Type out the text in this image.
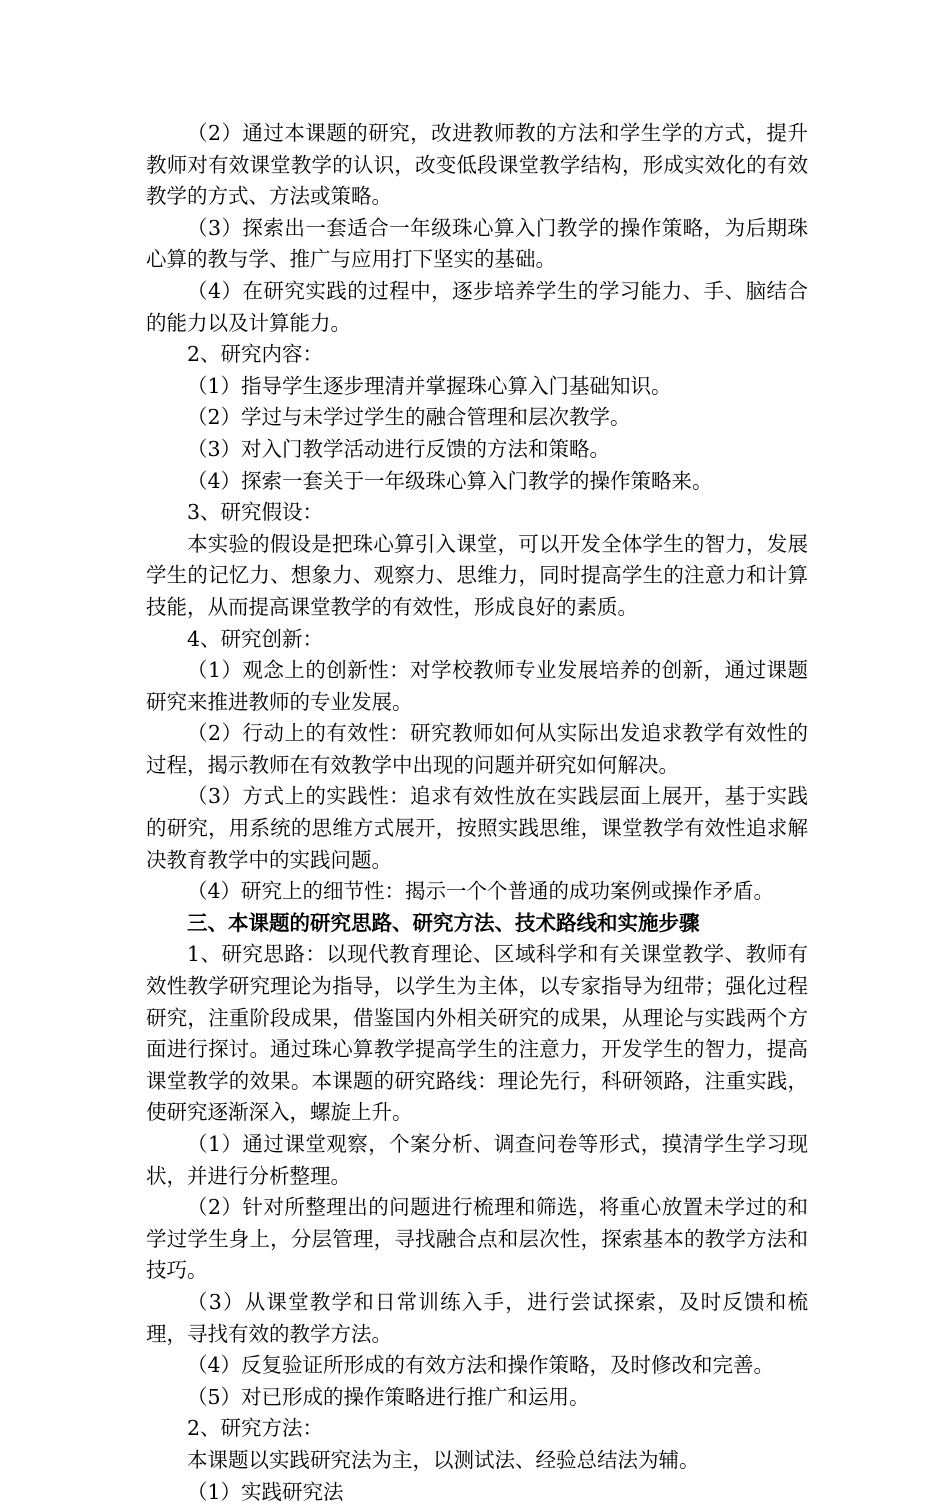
（2）通过本课题的研究，改进教师教的方法和学生学的方式，提升教师对有效课堂教学的认识，改变低段课堂教学结构，形成实效化的有效教学的方式、方法或策略。

（3）探索出一套适合一年级珠心算入门教学的操作策略，为后期珠心算的教与学、推广与应用打下坚实的基础。

（4）在研究实践的过程中，逐步培养学生的学习能力、手、脑结合的能力以及计算能力。

2、研究内容：

（1）指导学生逐步理清并掌握珠心算入门基础知识。

（2）学过与未学过学生的融合管理和层次教学。

（3）对入门教学活动进行反馈的方法和策略。

（4）探索一套关于一年级珠心算入门教学的操作策略来。

3、研究假设：

本实验的假设是把珠心算引入课堂，可以开发全体学生的智力，发展学生的记忆力、想象力、观察力、思维力，同时提高学生的注意力和计算技能，从而提高课堂教学的有效性，形成良好的素质。

4、研究创新：

（1）观念上的创新性：对学校教师专业发展培养的创新，通过课题研究来推进教师的专业发展。

（2）行动上的有效性：研究教师如何从实际出发追求教学有效性的过程，揭示教师在有效教学中出现的问题并研究如何解决。

（3）方式上的实践性：追求有效性放在实践层面上展开，基于实践的研究，用系统的思维方式展开，按照实践思维，课堂教学有效性追求解决教育教学中的实践问题。

（4）研究上的细节性：揭示一个个普通的成功案例或操作矛盾。

三、本课题的研究思路、研究方法、技术路线和实施步骤

1、研究思路：以现代教育理论、区域科学和有关课堂教学、教师有效性教学研究理论为指导，以学生为主体，以专家指导为纽带；强化过程研究，注重阶段成果，借鉴国内外相关研究的成果，从理论与实践两个方面进行探讨。通过珠心算教学提高学生的注意力，开发学生的智力，提高课堂教学的效果。本课题的研究路线：理论先行，科研领路，注重实践，使研究逐渐深入，螺旋上升。

（1）通过课堂观察，个案分析、调查问卷等形式，摸清学生学习现状，并进行分析整理。

（2）针对所整理出的问题进行梳理和筛选，将重心放置未学过的和学过学生身上，分层管理，寻找融合点和层次性，探索基本的教学方法和技巧。

（3）从课堂教学和日常训练入手，进行尝试探索，及时反馈和梳理，寻找有效的教学方法。

（4）反复验证所形成的有效方法和操作策略，及时修改和完善。

（5）对已形成的操作策略进行推广和运用。

2、研究方法：

本课题以实践研究法为主，以测试法、经验总结法为辅。

（1）实践研究法
